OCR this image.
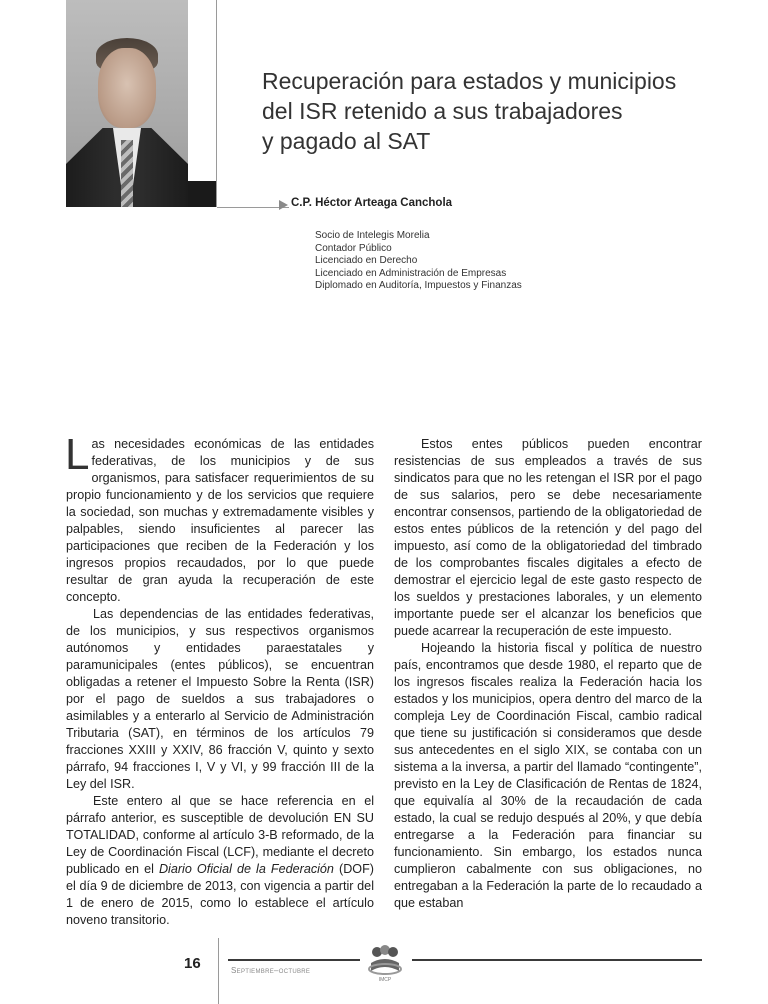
Recuperación para estados y municipios
del ISR retenido a sus trabajadores
y pagado al SAT
C.P. Héctor Arteaga Canchola
Socio de Intelegis Morelia
Contador Público
Licenciado en Derecho
Licenciado en Administración de Empresas
Diplomado en Auditoría, Impuestos y Finanzas

Las necesidades económicas de las entidades federativas, de los municipios y de sus organismos, para satisfacer requerimientos de su propio funcionamiento y de los servicios que requiere la sociedad, son muchas y extremadamente visibles y palpables, siendo insuficientes al parecer las participaciones que reciben de la Federación y los ingresos propios recaudados, por lo que puede resultar de gran ayuda la recuperación de este concepto.

Las dependencias de las entidades federativas, de los municipios, y sus respectivos organismos autónomos y entidades paraestatales y paramunicipales (entes públicos), se encuentran obligadas a retener el Impuesto Sobre la Renta (ISR) por el pago de sueldos a sus trabajadores o asimilables y a enterarlo al Servicio de Administración Tributaria (SAT), en términos de los artículos 79 fracciones XXIII y XXIV, 86 fracción V, quinto y sexto párrafo, 94 fracciones I, V y VI, y 99 fracción III de la Ley del ISR.

Este entero al que se hace referencia en el párrafo anterior, es susceptible de devolución EN SU TOTALIDAD, conforme al artículo 3-B reformado, de la Ley de Coordinación Fiscal (LCF), mediante el decreto publicado en el Diario Oficial de la Federación (DOF) el día 9 de diciembre de 2013, con vigencia a partir del 1 de enero de 2015, como lo establece el artículo noveno transitorio.

Estos entes públicos pueden encontrar resistencias de sus empleados a través de sus sindicatos para que no les retengan el ISR por el pago de sus salarios, pero se debe necesariamente encontrar consensos, partiendo de la obligatoriedad de estos entes públicos de la retención y del pago del impuesto, así como de la obligatoriedad del timbrado de los comprobantes fiscales digitales a efecto de demostrar el ejercicio legal de este gasto respecto de los sueldos y prestaciones laborales, y un elemento importante puede ser el alcanzar los beneficios que puede acarrear la recuperación de este impuesto.

Hojeando la historia fiscal y política de nuestro país, encontramos que desde 1980, el reparto que de los ingresos fiscales realiza la Federación hacia los estados y los municipios, opera dentro del marco de la compleja Ley de Coordinación Fiscal, cambio radical que tiene su justificación si consideramos que desde sus antecedentes en el siglo XIX, se contaba con un sistema a la inversa, a partir del llamado “contingente”, previsto en la Ley de Clasificación de Rentas de 1824, que equivalía al 30% de la recaudación de cada estado, la cual se redujo después al 20%, y que debía entregarse a la Federación para financiar su funcionamiento. Sin embargo, los estados nunca cumplieron cabalmente con sus obligaciones, no entregaban a la Federación la parte de lo recaudado a que estaban

16	Septiembre–octubre
IMCP
